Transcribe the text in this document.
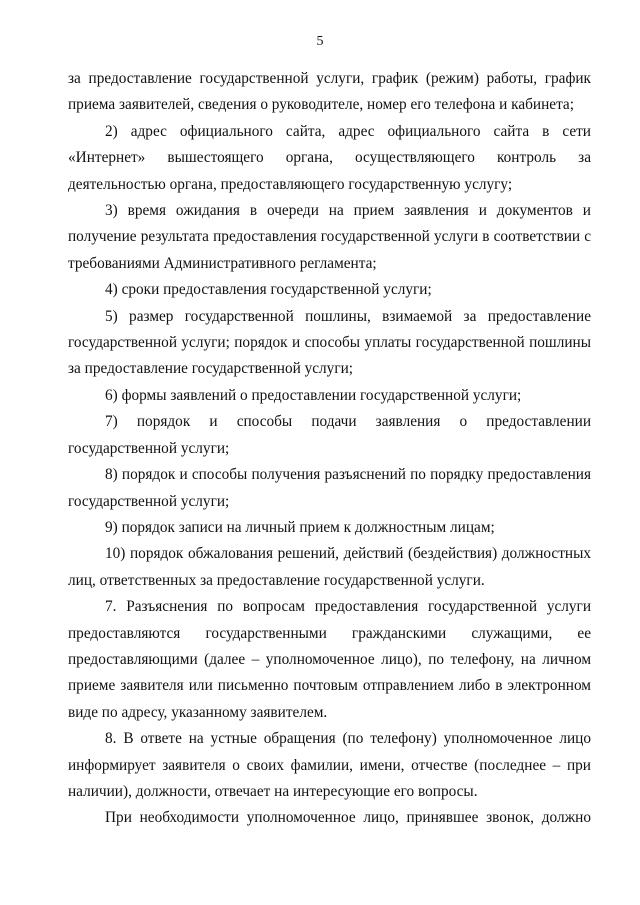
5

за предоставление государственной услуги, график (режим) работы, график приема заявителей, сведения о руководителе, номер его телефона и кабинета;

2) адрес официального сайта, адрес официального сайта в сети «Интернет» вышестоящего органа, осуществляющего контроль за деятельностью органа, предоставляющего государственную услугу;

3) время ожидания в очереди на прием заявления и документов и получение результата предоставления государственной услуги в соответствии с требованиями Административного регламента;

4) сроки предоставления государственной услуги;

5) размер государственной пошлины, взимаемой за предоставление государственной услуги; порядок и способы уплаты государственной пошлины за предоставление государственной услуги;

6) формы заявлений о предоставлении государственной услуги;

7) порядок и способы подачи заявления о предоставлении государственной услуги;

8) порядок и способы получения разъяснений по порядку предоставления государственной услуги;

9) порядок записи на личный прием к должностным лицам;

10) порядок обжалования решений, действий (бездействия) должностных лиц, ответственных за предоставление государственной услуги.

7. Разъяснения по вопросам предоставления государственной услуги предоставляются государственными гражданскими служащими, ее предоставляющими (далее – уполномоченное лицо), по телефону, на личном приеме заявителя или письменно почтовым отправлением либо в электронном виде по адресу, указанному заявителем.

8. В ответе на устные обращения (по телефону) уполномоченное лицо информирует заявителя о своих фамилии, имени, отчестве (последнее – при наличии), должности, отвечает на интересующие его вопросы.

При необходимости уполномоченное лицо, принявшее звонок, должно
